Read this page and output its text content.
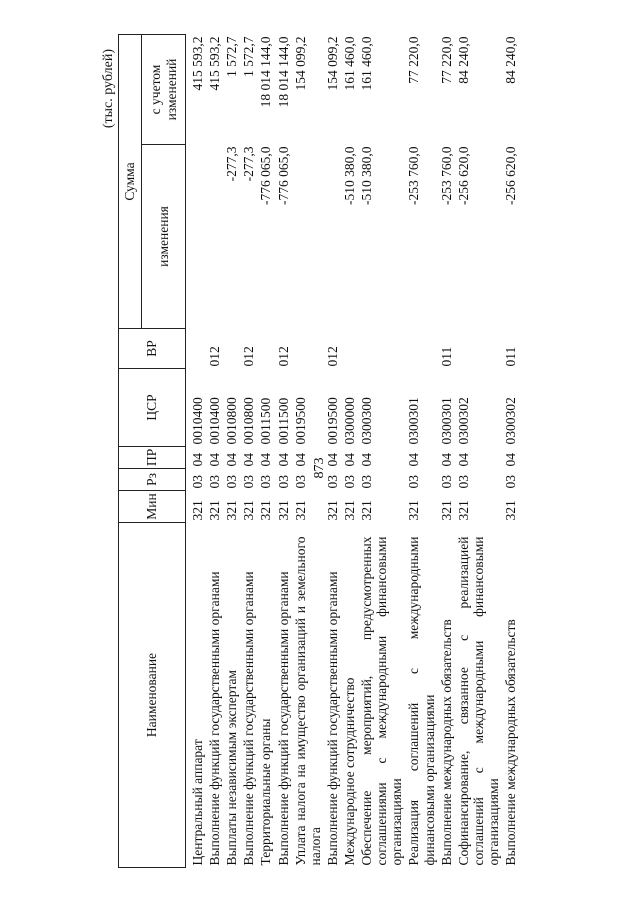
873
(тыс. рублей)
Наименование	Мин	Рз	ПР	ЦСР	ВР	Сумма	
						изменения	с учетом изменений
Центральный аппарат	321	03	04	0010400			415 593,2
Выполнение функций государственными органами	321	03	04	0010400	012		415 593,2
Выплаты независимым экспертам	321	03	04	0010800		-277,3	1 572,7
Выполнение функций государственными органами	321	03	04	0010800	012	-277,3	1 572,7
Территориальные органы	321	03	04	0011500		-776 065,0	18 014 144,0
Выполнение функций государственными органами	321	03	04	0011500	012	-776 065,0	18 014 144,0
Уплата налога на имущество организаций и земельного налога	321	03	04	0019500			154 099,2
Выполнение функций государственными органами	321	03	04	0019500	012		154 099,2
Международное сотрудничество	321	03	04	0300000		-510 380,0	161 460,0
Обеспечение мероприятий, предусмотренных соглашениями с международными финансовыми организациями	321	03	04	0300300		-510 380,0	161 460,0
Реализация соглашений с международными финансовыми организациями	321	03	04	0300301		-253 760,0	77 220,0
Выполнение международных обязательств	321	03	04	0300301	011	-253 760,0	77 220,0
Софинансирование, связанное с реализацией соглашений с международными финансовыми организациями	321	03	04	0300302		-256 620,0	84 240,0
Выполнение международных обязательств	321	03	04	0300302	011	-256 620,0	84 240,0
